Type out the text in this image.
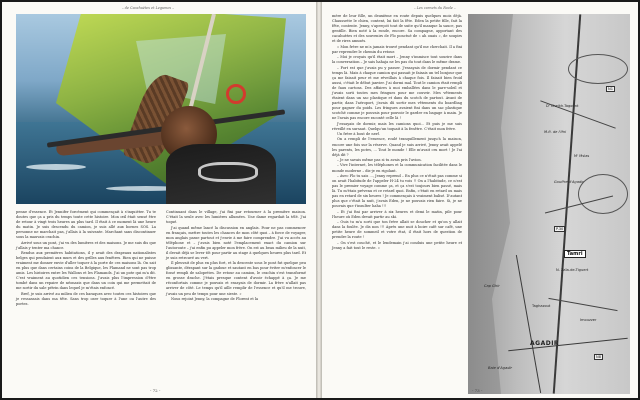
– de Cacahuètes et Legumes –

penne d'essence. Et Jennifer forcément qui commençait à s'inquiéter. Tu te doutes que ça a pris du temps toute cette histoire. Mon œil était sensé être de retour à vingt trois heures au plus tard. Il était à ce moment là une heure du matin. Je suis descendu du camion, je suis allé aux bornes SOS. La personne ne marchait pas, j'allais à la suivante. Marchant sans discontinuer sous la mauvais crachin.

Arrivé sous un pont, j'ai vu des lumières et des maisons. Je me suis dis que j'allais y tenter ma chance.

Rendus aux premières habitations, il y avait des drapeaux nationalistes belges qui pendaient aux murs et des grilles aux fenêtres. Rien qui ne puisse vraiment me donner envie d'aller toquer à la porte de ces maisons là. On sait en plus que dans certains coins de la Belgique, les Flamand ne sont pas trop amis. Les histoires entre les Wallons et les Flamands. J'ai un pote qui m'a dit. C'est vraiment au quotidien ces tensions. J'avais plus l'impression d'être tombé dans un repaire de néonazis que dans un coin qui me permettait de me sortir du sale pétrin dans lequel je m'étais enfoncé.

Bref, je suis arrivé au milieu de ces baraques avec toutes ces histoires que je ressassais dans ma tête. Sans trop oser toquer à l'une ou l'autre des portes.

Continuant dans le village, j'ai fini par retourner à la première maison. C'était la seule avec les lumières allumées. Une dame regardait la télé. J'ai toqué.

J'ai quand même lancé la discussion en anglais. Pour ne pas commencer en français, mettre toutes les chances de mon côté quoi – à force de voyager, mon anglais passe partout et j'envie à me faire comprendre. J'ai vu accès au téléphone et – j'avais bien noté l'emplacement exact du camion sur l'autoroute – j'ai enfin pu appeler mon frère. On est au beau milieu de la nuit, il devait déjà se lever tôt pour partir au stage à quelques heures plus tard. Et je suis retrouvé au vert.

Il pleuvait de plus en plus fort, et la descente sous le pont fut quelque peu glissante, dérapant sur la gadoue et sautant en bas pour éviter m'enfoncer le fossé rempli de salopettes. De retour au camion, le crachin s'est transformé en grosse drache. J'étais presque content d'avoir échappé à ça. Je me réconfortais comme je pouvais et essayais de dormir. La frère n'allait pas arriver de côté. Le temps qu'il aille remplir de l'essence et qu'il me trouve, j'avais un peu de temps pour une sieste. »

Nous rejoint Jenny, la compagne de Florent et la

- 72 -
– Les carnets du Roole –

mère de leur fille, un deuxième en route depuis quelques mois déjà. Chaussette le chien, content, lui fait la fête. Eden la petite fille, fait la fête, contente. Jenny, s'aperçoit tout de suite qu'il manque la sauce, pas gentille. Bien noté à la ronde, encore. Sa compagne, apportant des cacahuètes et des souvenirs de Flo ponctué de « ah ouais », de soupirs et de rires amusés.

« Mon frère ne m'a jamais trouvé pendant qu'il me cherchait. Il a fini par reprendre le chemin du retour.

– Moi je croyais qu'il était mort – Jenny s'immisce tout sourire dans la conversation – Je sais hahaja ne les pas du tout dans le même drame.

– Fort est que j'avais pu y passer. J'essayais de dormir pendant ce temps là. Mais à chaque camion qui passait je faisais un tel bonjour que ça me faisait peur et me réveillais à chaque fois. Il faisait bien froid aussi, c'était le début janvier. J'ai dormi mal. Tout le camion était rempli de faux cartons. Des affaires à moi emballées dans le pare-soleil et j'avais sorti toutes mes fringues pour me couvrir. Mes vêtements étaient dans un sac plastique et dans du scotch de partout. Avant de partir, dans l'aéroport, j'avais dû sortir mes vêtements du boardbag pour gagner du poids. Les fringues avaient fini dans un sac plastique scotché comme je pouvais pour pouvoir le garder en bagage à main. Je ne l'avais pas encore raconté celle là !

J'essayais de dormir, mais les camions quoi... Et puis je me suis réveillé en sursaut. Quelqu'un toquait à la fenêtre. C'était mon frère.

Un frère à bout de nerf.

On a rempli de l'essence, roulé tranquillement jusqu'à la maison, encore une fois sur la réserve. Quand je suis arrivé, Jenny avait appelé les parents, les potes, ... Tout le monde ! Elle m'avait cru mort ! Je l'ai déjà dit ?

– Je ne savais même pas si tu avais pris l'avion.

– Vive l'internet, les téléphones et la communication facilitée dans le monde moderne – dis-je en rigolant.

– Avec Flo tu sais ..., Jenny reprend – En plus ce n'était pas comme si on avait l'habitude de l'appeler H-24 tu vois !! On a l'habitude, ce n'est pas le premier voyage comme ça, et ça s'est toujours bien passé, mais là. Tu m'étais prévenu et ce retard quoi. Enfin, c'était en retard ou mais pas en retard de six heures ! Je commençais à vraiment balisé. D'autant plus que c'était la nuit, j'avais Eden, je ne pouvais rien faire. Si, je ne pouvais que t'insulter haha !!!

– Et j'ai fini par arriver à six heures et demi le matin, pile pour l'heure où Eden devait partir au ski.

– Ouis tu m'a sorti que ton frère allait se doucher et qu'on y allait dans la foulée. Je dis non !!! Après une nuit à boire café sur café, une petite heure de sommeil et votre état, il était hors de question de prendre la route !

– On s'est couché, et le lendemain j'ai conduis une petite heure et Jenny a fait tout le reste. »

D' Cheikh-Tagount
M.fi. de l'Ifni
M' Mslas
Tamri
N. Zaïa-de-Tiguert
Gouffre d'Agadir
Taghazout
Cap Ghir
AGADIR
Baie d'Agadir
Imouzzer
N1
P.30
N8
- 73 -
